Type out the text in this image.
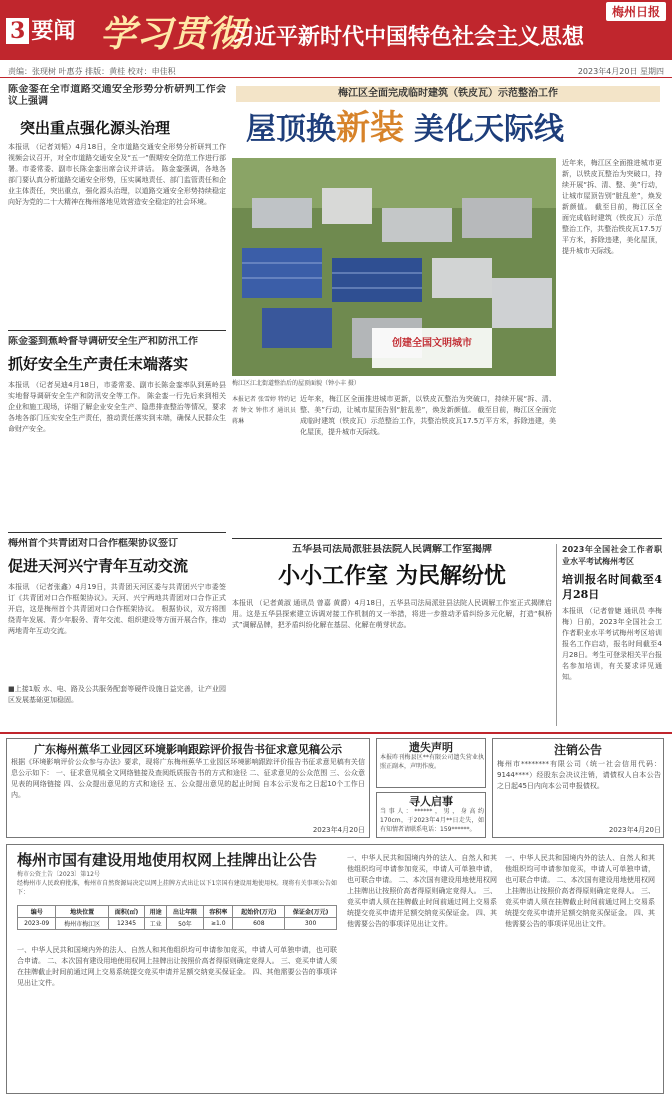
3 要闻 学习贯彻
习近平新时代中国特色社会主义思想
梅州日报
责编：张现树 叶惠芬 排版：黄桂 校对：申佳积	2023年4月20日 星期四
陈金銮在全市道路交通安全形势分析研判工作会议上强调
突出重点强化源头治理
本报讯 （记者刘韬）4月18日，全市道路交通安全形势分析研判工作视频会议召开，对全市道路交通安全及“五一”假期安全防范工作进行部署。市委常委、副市长陈金銮出席会议并讲话。 陈金銮强调，各地各部门要认真分析道路交通安全形势，压实属地责任、部门监管责任和企业主体责任，突出重点，强化源头治理，以道路交通安全形势持续稳定向好为党的二十大精神在梅州落地见效营造安全稳定的社会环境。
陈金銮到蕉岭督导调研安全生产和防汛工作
抓好安全生产责任末端落实
本报讯 （记者吴迪4月18日，市委常委、副市长陈金銮率队到蕉岭县实地督导调研安全生产和防汛安全等工作。 陈金銮一行先后来到相关企业和施工现场，详细了解企业安全生产、隐患排查整治等情况，要求各地各部门压实安全生产责任，推动责任落实到末端，确保人民群众生命财产安全。
梅州首个共青团对口合作框架协议签订
促进天河兴宁青年互动交流
本报讯 （记者张鑫）4月19日，共青团天河区委与共青团兴宁市委签订《共青团对口合作框架协议》。天河、兴宁两地共青团对口合作正式开启，这是梅州首个共青团对口合作框架协议。 根据协议，双方将围绕青年发展、青少年服务、青年交流、组织建设等方面开展合作，推动两地青年互动交流。
■上接1版 水、电、路及公共服务配套等硬件设施日益完善，让产业园区发展基础更加稳固。
梅江区全面完成临时建筑（铁皮瓦）示范整治工作
屋顶换新装 美化天际线
创建全国文明城市
梅江区江北街道整治后的屋顶面貌（钟小丰 摄）
本报记者 张雪婷 特约记者 钟文 钟伟才 通讯员 蒋琳
近年来，梅江区全面推进城市更新，以铁皮瓦整治为突破口，持续开展“拆、清、整、美”行动，让城市屋顶告别“脏乱差”，焕发新颜值。 截至目前，梅江区全面完成临时建筑（铁皮瓦）示范整治工作，共整治铁皮瓦17.5万平方米，拆除违建，美化屋顶，提升城市天际线。
近年来，梅江区全面推进城市更新，以铁皮瓦整治为突破口，持续开展“拆、清、整、美”行动，让城市屋顶告别“脏乱差”，焕发新颜值。 截至目前，梅江区全面完成临时建筑（铁皮瓦）示范整治工作，共整治铁皮瓦17.5万平方米，拆除违建，美化屋顶，提升城市天际线。
五华县司法局派驻县法院人民调解工作室揭牌
小小工作室 为民解纷忧
本报讯 （记者黄淑 通讯员 曾嘉 黄爵）4月18日，五华县司法局派驻县法院人民调解工作室正式揭牌启用。这是五华县探索建立诉调对接工作机制的又一举措，将进一步推动矛盾纠纷多元化解，打造“枫桥式”调解品牌，把矛盾纠纷化解在基层、化解在萌芽状态。
2023年全国社会工作者职业水平考试梅州考区
培训报名时间截至4月28日
本报讯 （记者曾婕 通讯员 李梅梅）日前，2023年全国社会工作者职业水平考试梅州考区培训报名工作启动，报名时间截至4月28日。考生可登录相关平台报名参加培训，有关要求详见通知。
广东梅州蕉华工业园区环境影响跟踪评价报告书征求意见稿公示
根据《环境影响评价公众参与办法》要求，现将广东梅州蕉华工业园区环境影响跟踪评价报告书征求意见稿有关信息公示如下： 一、征求意见稿全文网络链接及查阅纸质报告书的方式和途径 二、征求意见的公众范围 三、公众意见表的网络链接 四、公众提出意见的方式和途径 五、公众提出意见的起止时间 自本公示发布之日起10个工作日内。
2023年4月20日
遗失声明
本报昨刊梅县区**有限公司遗失营业执照正副本，声明作废。
寻人启事
当事人：******，男，身高约170cm，于2023年4月**日走失，如有知情者请联系电话：159******。
注销公告
梅州市********有限公司（统一社会信用代码：9144****）经股东会决议注销，请债权人自本公告之日起45日内向本公司申报债权。
2023年4月20日
梅州市国有建设用地使用权网上挂牌出让公告
梅市公资土告〔2023〕第12号
经梅州市人民政府批准，梅州市自然资源局决定以网上挂牌方式出让以下1宗国有建设用地使用权。现将有关事项公告如下：
编号	地块位置	面积(㎡)	用途	出让年限	容积率	起始价(万元)	保证金(万元)
2023-09	梅州市梅江区	12345	工业	50年	≥1.0	608	300
一、中华人民共和国境内外的法人、自然人和其他组织均可申请参加竞买，申请人可单独申请，也可联合申请。 二、本次国有建设用地使用权网上挂牌出让按照价高者得原则确定竞得人。 三、竞买申请人须在挂牌截止时间前通过网上交易系统提交竞买申请并足额交纳竞买保证金。 四、其他需要公告的事项详见出让文件。
一、中华人民共和国境内外的法人、自然人和其他组织均可申请参加竞买，申请人可单独申请，也可联合申请。 二、本次国有建设用地使用权网上挂牌出让按照价高者得原则确定竞得人。 三、竞买申请人须在挂牌截止时间前通过网上交易系统提交竞买申请并足额交纳竞买保证金。 四、其他需要公告的事项详见出让文件。
一、中华人民共和国境内外的法人、自然人和其他组织均可申请参加竞买，申请人可单独申请，也可联合申请。 二、本次国有建设用地使用权网上挂牌出让按照价高者得原则确定竞得人。 三、竞买申请人须在挂牌截止时间前通过网上交易系统提交竞买申请并足额交纳竞买保证金。 四、其他需要公告的事项详见出让文件。
